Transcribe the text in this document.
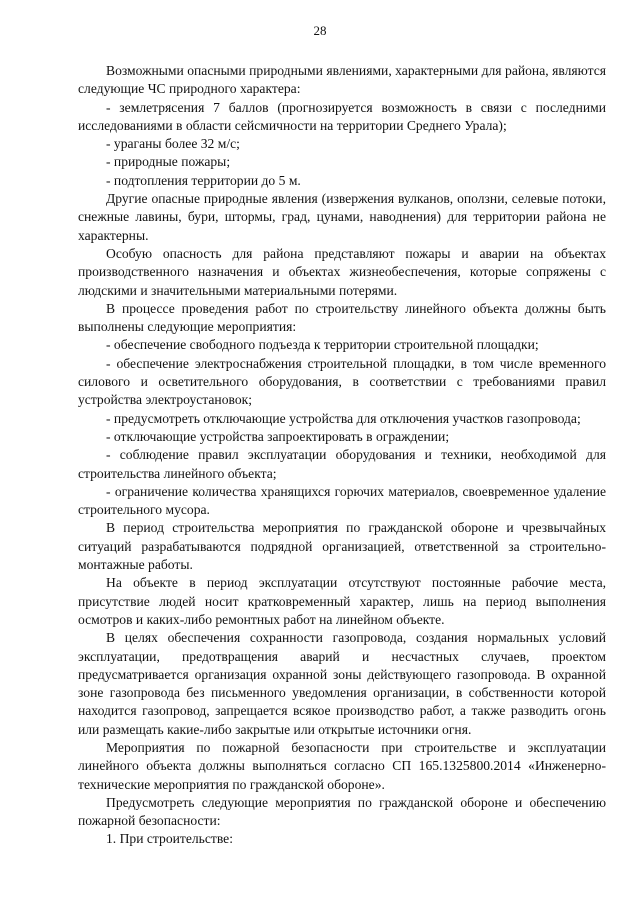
28

Возможными опасными природными явлениями, характерными для района, являются следующие ЧС природного характера:

- землетрясения 7 баллов (прогнозируется возможность в связи с последними исследованиями в области сейсмичности на территории Среднего Урала);

- ураганы более 32 м/с;

- природные пожары;

- подтопления территории до 5 м.

Другие опасные природные явления (извержения вулканов, оползни, селевые потоки, снежные лавины, бури, штормы, град, цунами, наводнения) для территории района не характерны.

Особую опасность для района представляют пожары и аварии на объектах производственного назначения и объектах жизнеобеспечения, которые сопряжены с людскими и значительными материальными потерями.

В процессе проведения работ по строительству линейного объекта должны быть выполнены следующие мероприятия:

- обеспечение свободного подъезда к территории строительной площадки;

- обеспечение электроснабжения строительной площадки, в том числе временного силового и осветительного оборудования, в соответствии с требованиями правил устройства электроустановок;

- предусмотреть отключающие устройства для отключения участков газопровода;

- отключающие устройства запроектировать в ограждении;

- соблюдение правил эксплуатации оборудования и техники, необходимой для строительства линейного объекта;

- ограничение количества хранящихся горючих материалов, своевременное удаление строительного мусора.

В период строительства мероприятия по гражданской обороне и чрезвычайных ситуаций разрабатываются подрядной организацией, ответственной за строительно-монтажные работы.

На объекте в период эксплуатации отсутствуют постоянные рабочие места, присутствие людей носит кратковременный характер, лишь на период выполнения осмотров и каких-либо ремонтных работ на линейном объекте.

В целях обеспечения сохранности газопровода, создания нормальных условий эксплуатации, предотвращения аварий и несчастных случаев, проектом предусматривается организация охранной зоны действующего газопровода. В охранной зоне газопровода без письменного уведомления организации, в собственности которой находится газопровод, запрещается всякое производство работ, а также разводить огонь или размещать какие-либо закрытые или открытые источники огня.

Мероприятия по пожарной безопасности при строительстве и эксплуатации линейного объекта должны выполняться согласно СП 165.1325800.2014 «Инженерно-технические мероприятия по гражданской обороне».

Предусмотреть следующие мероприятия по гражданской обороне и обеспечению пожарной безопасности:

1. При строительстве:
